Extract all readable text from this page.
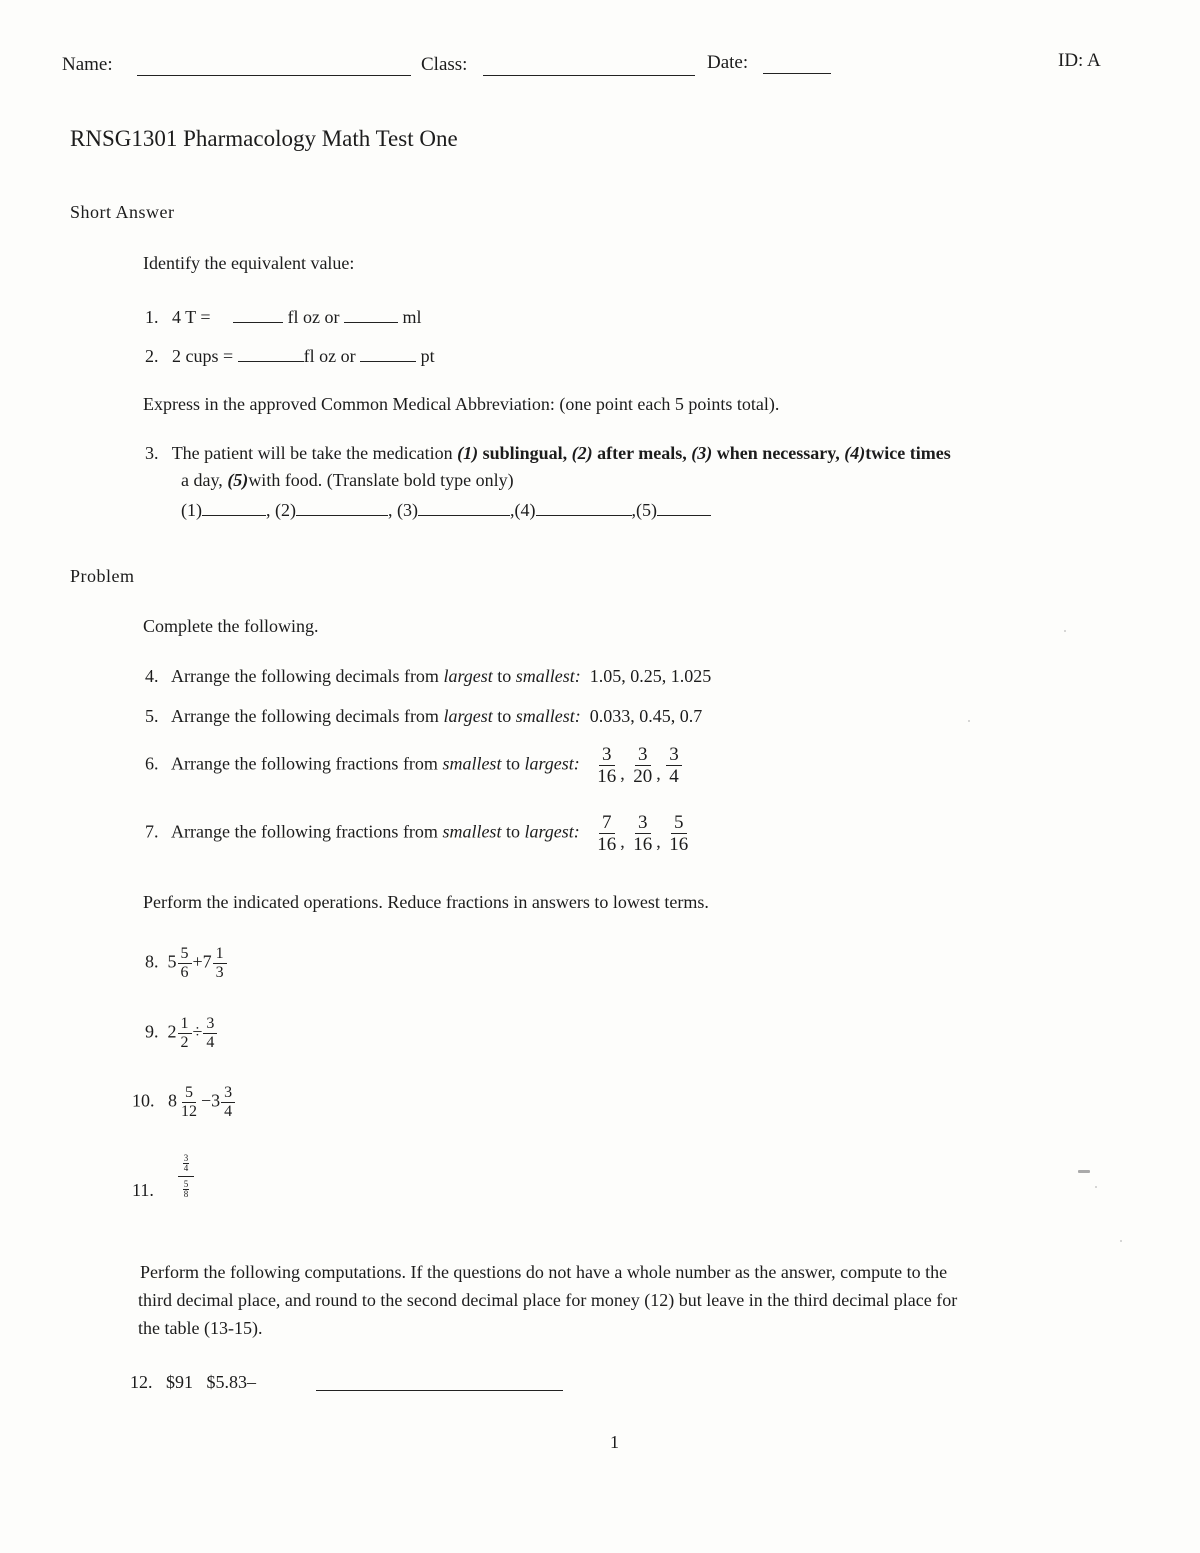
Name:	Class:	Date:	ID: A
RNSG1301 Pharmacology Math Test One
Short Answer
Identify the equivalent value:
1. 4 T =	fl oz or	ml
2. 2 cups =	fl oz or	pt
Express in the approved Common Medical Abbreviation: (one point each 5 points total).
3. The patient will be take the medication (1) sublingual, (2) after meals, (3) when necessary, (4)twice times
a day, (5)with food. (Translate bold type only)
(1)	, (2)	, (3)	,(4)	,(5)
Problem
Complete the following.
4. Arrange the following decimals from largest to smallest: 1.05, 0.25, 1.025
5. Arrange the following decimals from largest to smallest: 0.033, 0.45, 0.7
6. Arrange the following fractions from smallest to largest: $\frac{3}{16}$ , $\frac{3}{20}$ , $\frac{3}{4}$
7. Arrange the following fractions from smallest to largest: $\frac{7}{16}$ , $\frac{3}{16}$ , $\frac{5}{16}$
Perform the indicated operations. Reduce fractions in answers to lowest terms.
8. $5 \frac{5}{6} +7 \frac{1}{3}$
9. $2 \frac{1}{2} \div \frac{3}{4}$
10. $8 \frac{5}{12} -3 \frac{3}{4}$
11.
$\frac{3}{4}$
$\frac{5}{8}$
Perform the following computations. If the questions do not have a whole number as the answer, compute to the
third decimal place, and round to the second decimal place for money (12) but leave in the third decimal place for
the table (13-15).
12. $91   $5.83–
1
